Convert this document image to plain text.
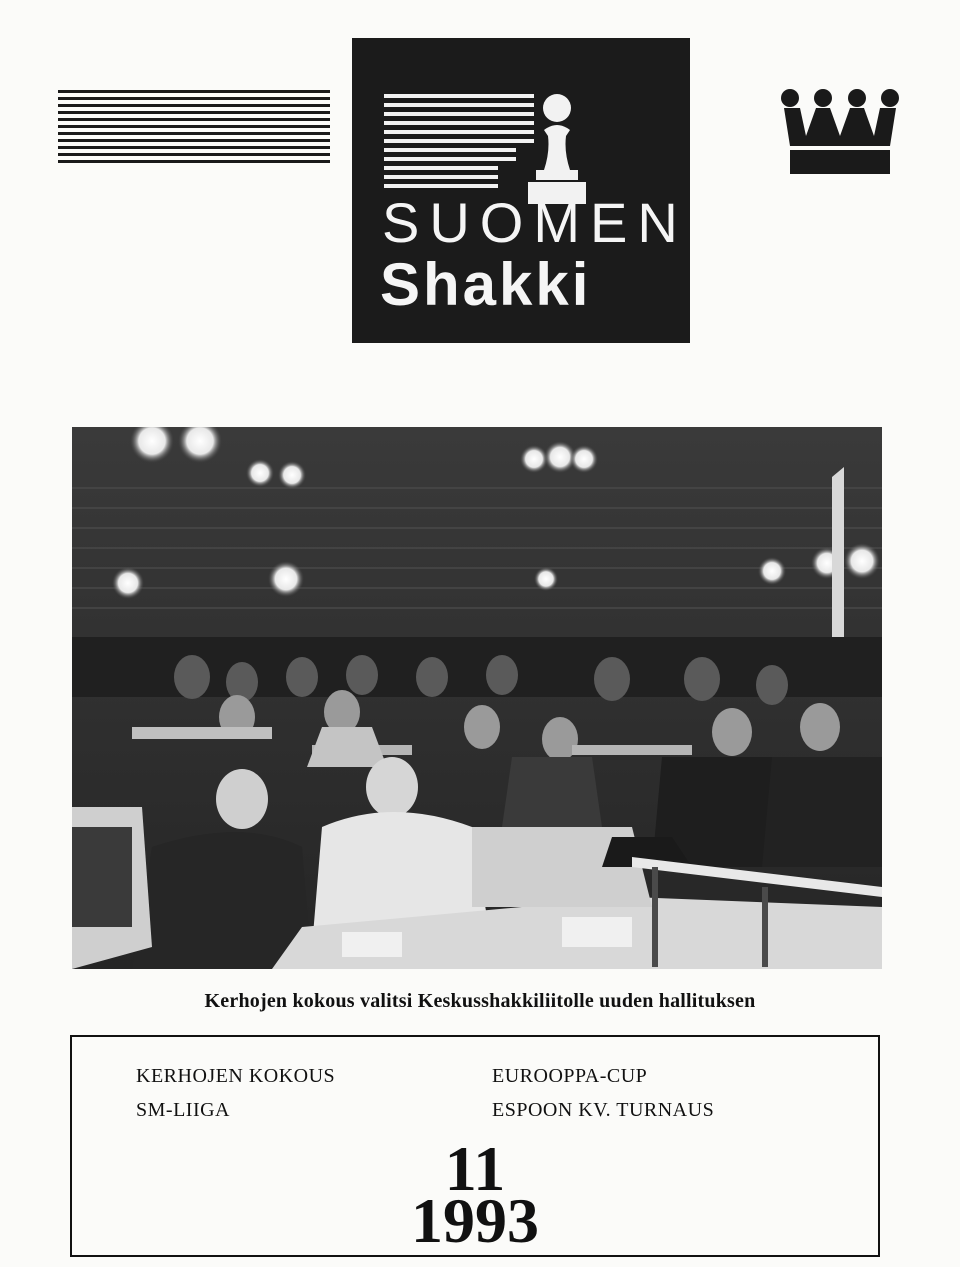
SUOMEN
Shakki
Kerhojen kokous valitsi Keskusshakkiliitolle uuden hallituksen
KERHOJEN KOKOUS
SM-LIIGA
EUROOPPA-CUP
ESPOON KV. TURNAUS
11
1993
